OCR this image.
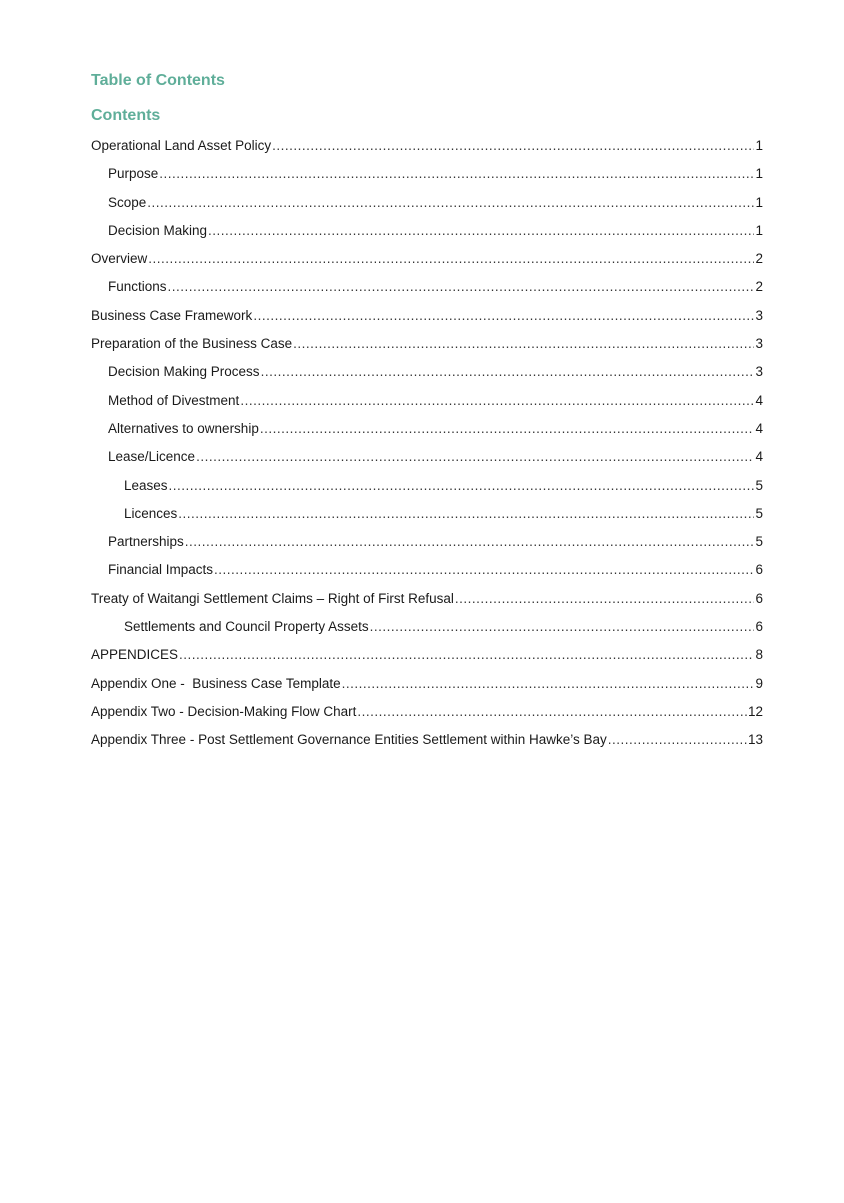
Table of Contents
Contents
Operational Land Asset Policy .....	1
Purpose .....	1
Scope .....	1
Decision Making .....	1
Overview .....	2
Functions .....	2
Business Case Framework .....	3
Preparation of the Business Case .....	3
Decision Making Process .....	3
Method of Divestment .....	4
Alternatives to ownership .....	4
Lease/Licence .....	4
Leases .....	5
Licences .....	5
Partnerships .....	5
Financial Impacts .....	6
Treaty of Waitangi Settlement Claims – Right of First Refusal .....	6
Settlements and Council Property Assets .....	6
APPENDICES .....	8
Appendix One -  Business Case Template .....	9
Appendix Two - Decision-Making Flow Chart .....	12
Appendix Three - Post Settlement Governance Entities Settlement within Hawke’s Bay .....	13
